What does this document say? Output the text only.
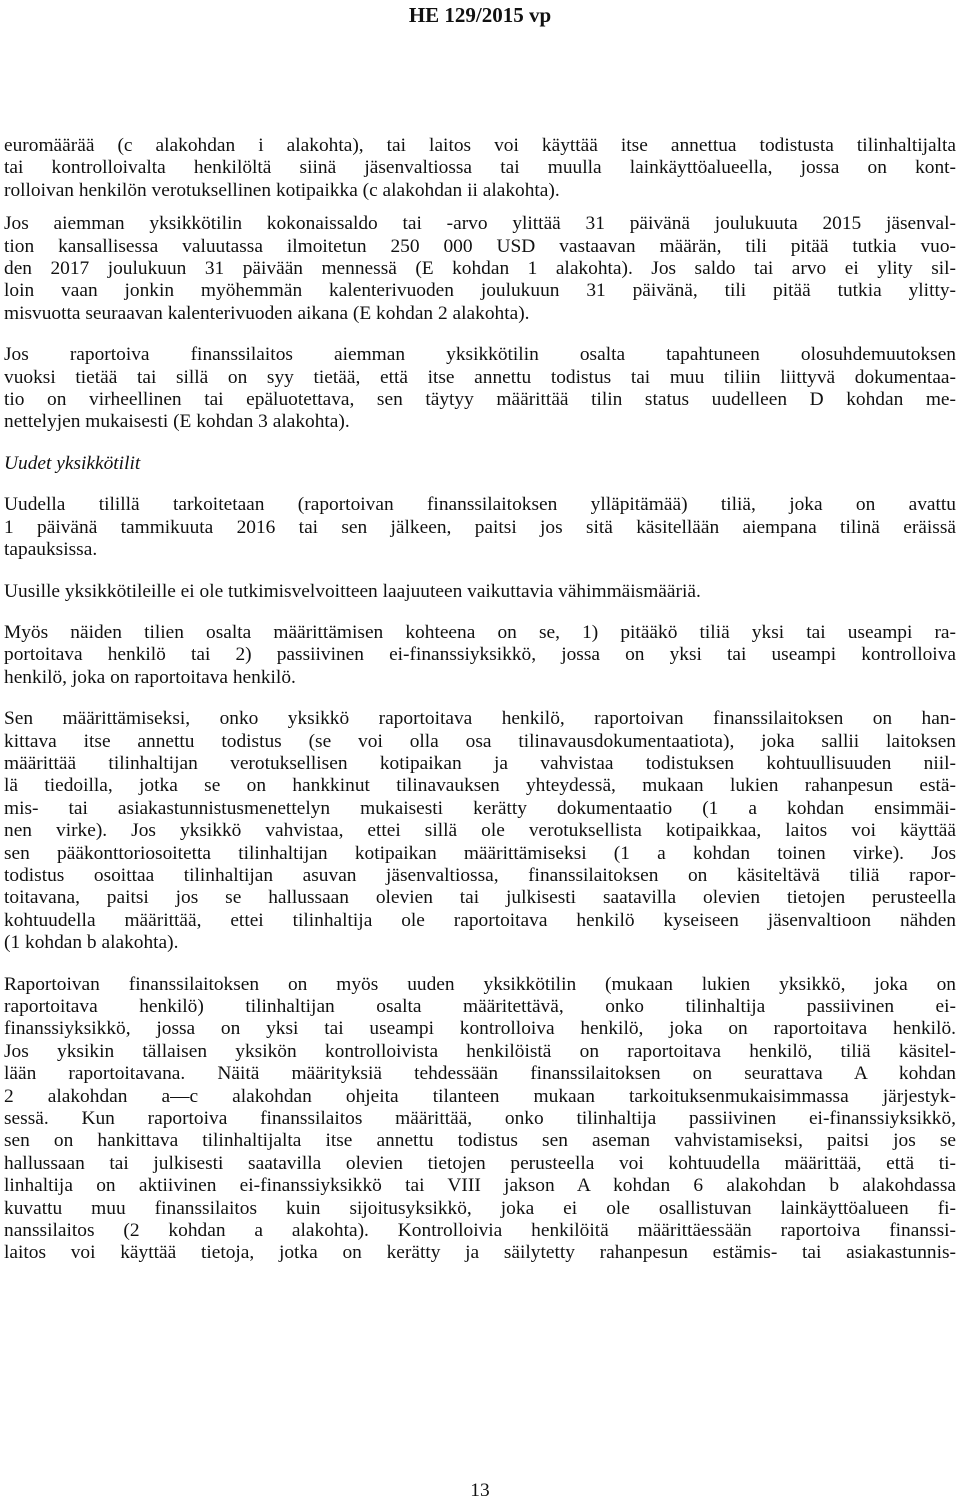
HE 129/2015 vp
euromäärää (c alakohdan i alakohta), tai laitos voi käyttää itse annettua todistusta tilinhaltijalta
tai kontrolloivalta henkilöltä siinä jäsenvaltiossa tai muulla lainkäyttöalueella, jossa on kont-
rolloivan henkilön verotuksellinen kotipaikka (c alakohdan ii alakohta).
Jos aiemman yksikkötilin kokonaissaldo tai -arvo ylittää 31 päivänä joulukuuta 2015 jäsenval-
tion kansallisessa valuutassa ilmoitetun 250 000 USD vastaavan määrän, tili pitää tutkia vuo-
den 2017 joulukuun 31 päivään mennessä (E kohdan 1 alakohta). Jos saldo tai arvo ei ylity sil-
loin vaan jonkin myöhemmän kalenterivuoden joulukuun 31 päivänä, tili pitää tutkia ylitty-
misvuotta seuraavan kalenterivuoden aikana (E kohdan 2 alakohta).
Jos raportoiva finanssilaitos aiemman yksikkötilin osalta tapahtuneen olosuhdemuutoksen
vuoksi tietää tai sillä on syy tietää, että itse annettu todistus tai muu tiliin liittyvä dokumentaa-
tio on virheellinen tai epäluotettava, sen täytyy määrittää tilin status uudelleen D kohdan me-
nettelyjen mukaisesti (E kohdan 3 alakohta).
Uudet yksikkötilit
Uudella tilillä tarkoitetaan (raportoivan finanssilaitoksen ylläpitämää) tiliä, joka on avattu
1 päivänä tammikuuta 2016 tai sen jälkeen, paitsi jos sitä käsitellään aiempana tilinä eräissä
tapauksissa.
Uusille yksikkötileille ei ole tutkimisvelvoitteen laajuuteen vaikuttavia vähimmäismääriä.
Myös näiden tilien osalta määrittämisen kohteena on se, 1) pitääkö tiliä yksi tai useampi ra-
portoitava henkilö tai 2) passiivinen ei-finanssiyksikkö, jossa on yksi tai useampi kontrolloiva
henkilö, joka on raportoitava henkilö.
Sen määrittämiseksi, onko yksikkö raportoitava henkilö, raportoivan finanssilaitoksen on han-
kittava itse annettu todistus (se voi olla osa tilinavausdokumentaatiota), joka sallii laitoksen
määrittää tilinhaltijan verotuksellisen kotipaikan ja vahvistaa todistuksen kohtuullisuuden niil-
lä tiedoilla, jotka se on hankkinut tilinavauksen yhteydessä, mukaan lukien rahanpesun estä-
mis- tai asiakastunnistusmenettelyn mukaisesti kerätty dokumentaatio (1 a kohdan ensimmäi-
nen virke). Jos yksikkö vahvistaa, ettei sillä ole verotuksellista kotipaikkaa, laitos voi käyttää
sen pääkonttoriosoitetta tilinhaltijan kotipaikan määrittämiseksi (1 a kohdan toinen virke). Jos
todistus osoittaa tilinhaltijan asuvan jäsenvaltiossa, finanssilaitoksen on käsiteltävä tiliä rapor-
toitavana, paitsi jos se hallussaan olevien tai julkisesti saatavilla olevien tietojen perusteella
kohtuudella määrittää, ettei tilinhaltija ole raportoitava henkilö kyseiseen jäsenvaltioon nähden
(1 kohdan b alakohta).
Raportoivan finanssilaitoksen on myös uuden yksikkötilin (mukaan lukien yksikkö, joka on
raportoitava henkilö) tilinhaltijan osalta määritettävä, onko tilinhaltija passiivinen ei-
finanssiyksikkö, jossa on yksi tai useampi kontrolloiva henkilö, joka on raportoitava henkilö.
Jos yksikin tällaisen yksikön kontrolloivista henkilöistä on raportoitava henkilö, tiliä käsitel-
lään raportoitavana. Näitä määrityksiä tehdessään finanssilaitoksen on seurattava A kohdan
2 alakohdan a—c alakohdan ohjeita tilanteen mukaan tarkoituksenmukaisimmassa järjestyk-
sessä. Kun raportoiva finanssilaitos määrittää, onko tilinhaltija passiivinen ei-finanssiyksikkö,
sen on hankittava tilinhaltijalta itse annettu todistus sen aseman vahvistamiseksi, paitsi jos se
hallussaan tai julkisesti saatavilla olevien tietojen perusteella voi kohtuudella määrittää, että ti-
linhaltija on aktiivinen ei-finanssiyksikkö tai VIII jakson A kohdan 6 alakohdan b alakohdassa
kuvattu muu finanssilaitos kuin sijoitusyksikkö, joka ei ole osallistuvan lainkäyttöalueen fi-
nanssilaitos (2 kohdan a alakohta). Kontrolloivia henkilöitä määrittäessään raportoiva finanssi-
laitos voi käyttää tietoja, jotka on kerätty ja säilytetty rahanpesun estämis- tai asiakastunnis-
13
